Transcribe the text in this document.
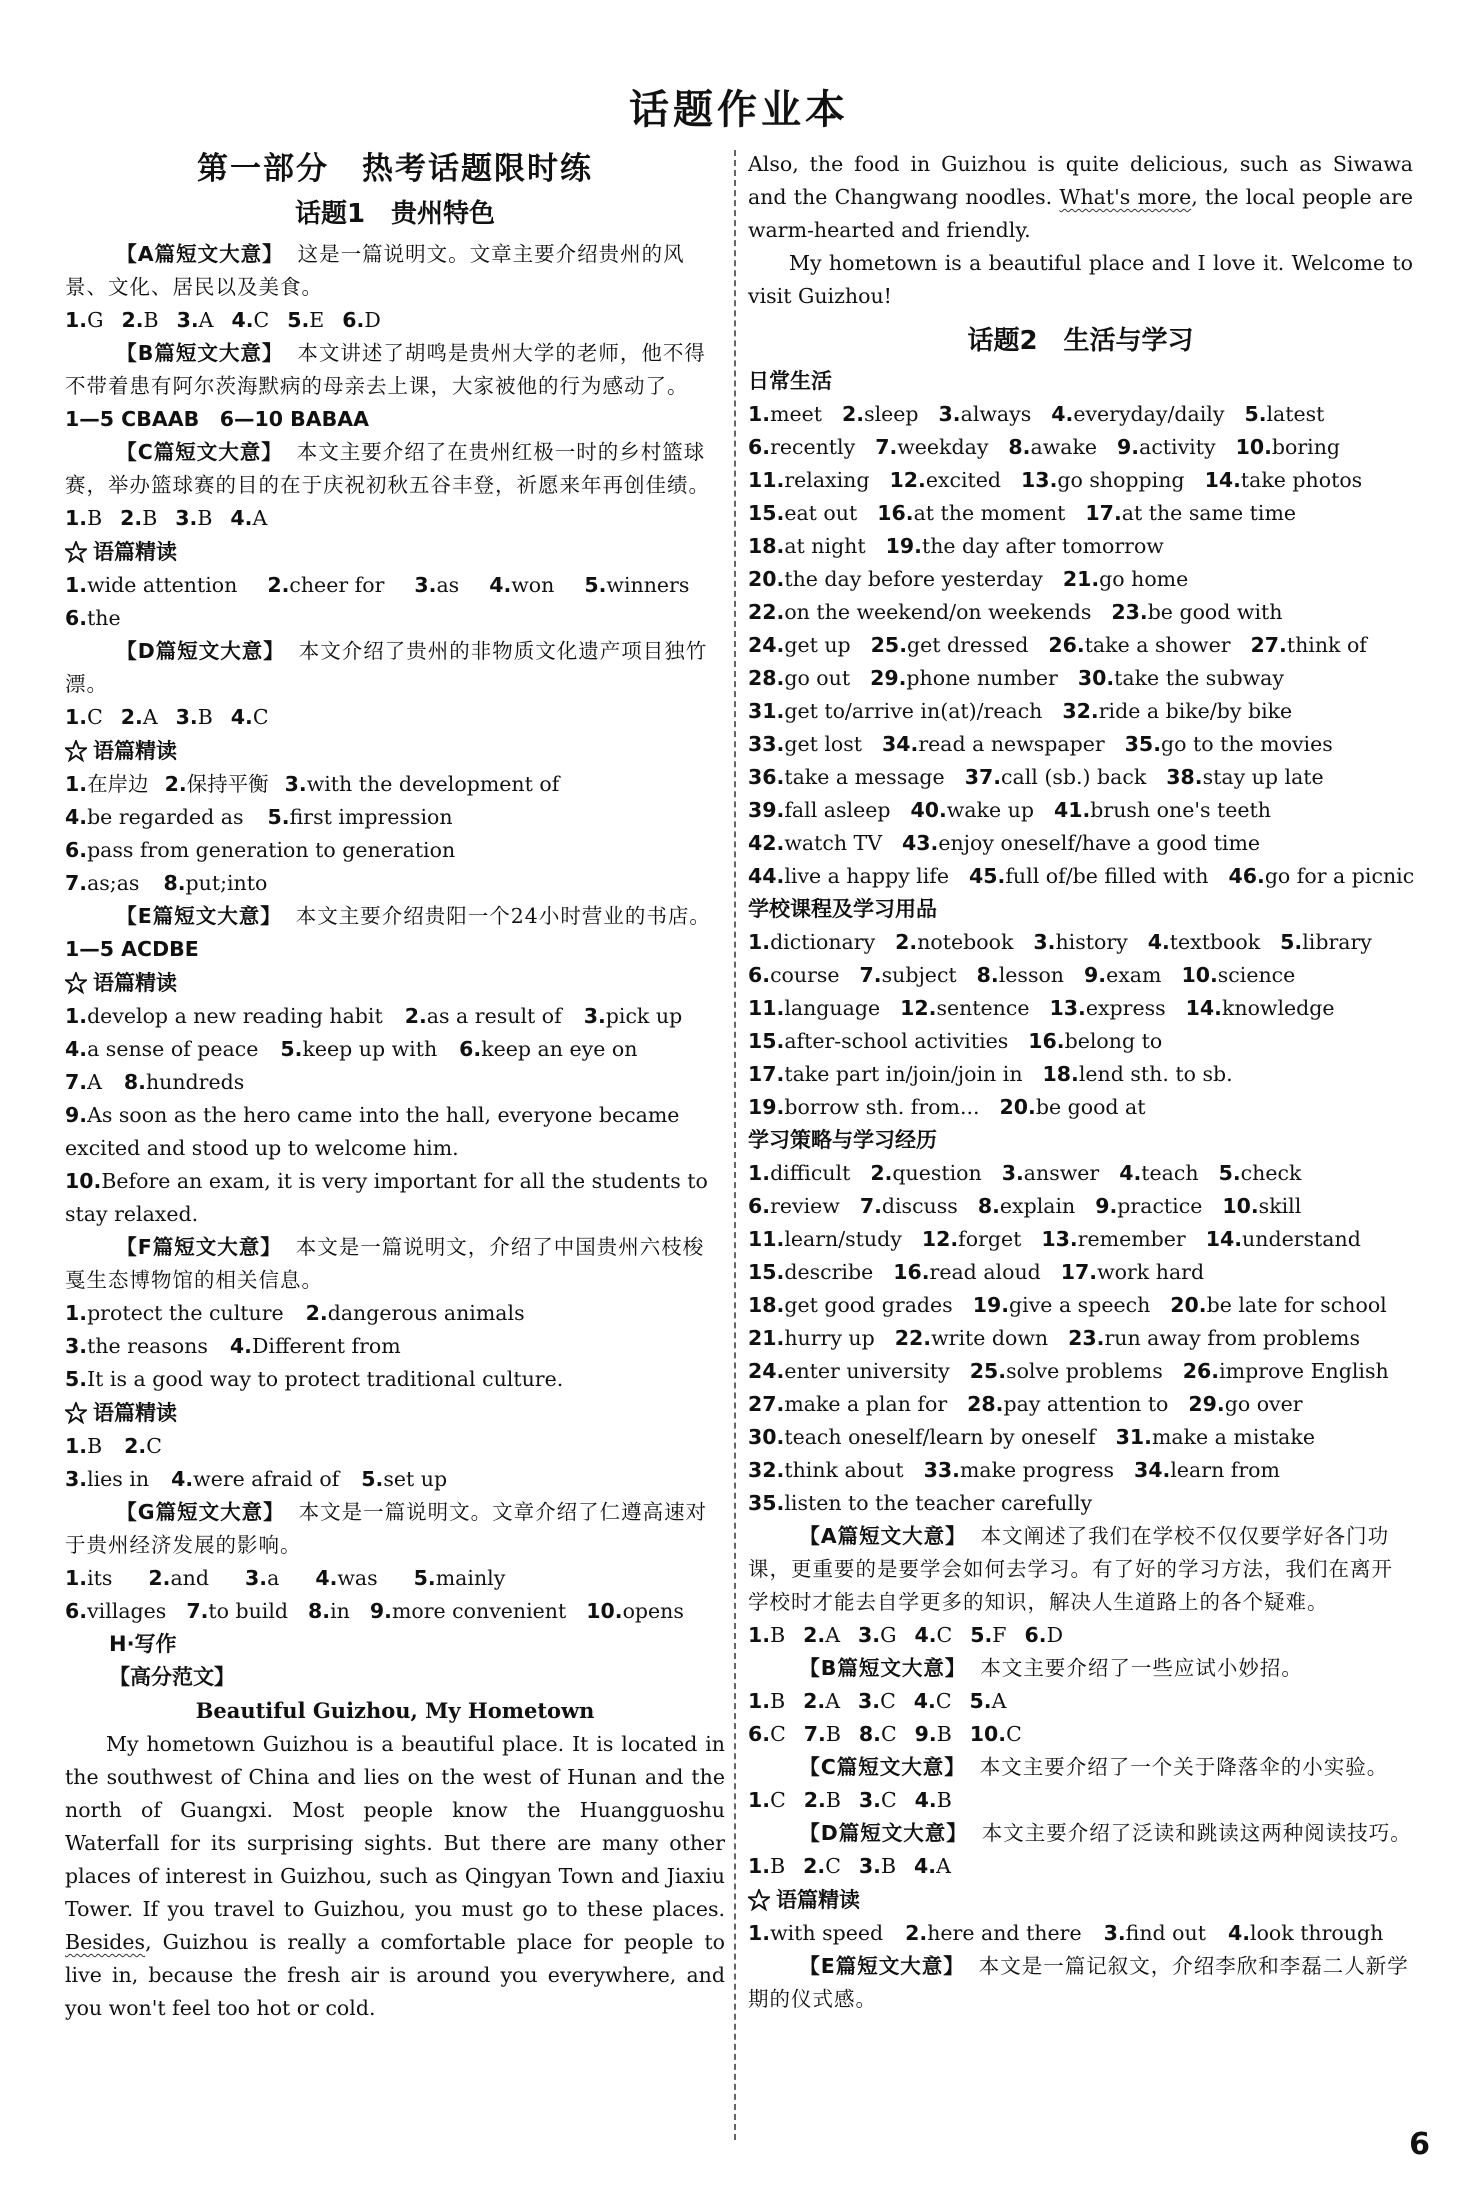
话题作业本
第一部分　热考话题限时练
话题1　贵州特色
【A篇短文大意】 这是一篇说明文。文章主要介绍贵州的风景、文化、居民以及美食。
1.G 2.B 3.A 4.C 5.E 6.D
【B篇短文大意】 本文讲述了胡鸣是贵州大学的老师，他不得不带着患有阿尔茨海默病的母亲去上课，大家被他的行为感动了。
1—5 CBAAB　6—10 BABAA
【C篇短文大意】 本文主要介绍了在贵州红极一时的乡村篮球赛，举办篮球赛的目的在于庆祝初秋五谷丰登，祈愿来年再创佳绩。
1.B 2.B 3.B 4.A
语篇精读
1.wide attention 2.cheer for 3.as 4.won 5.winners
6.the
【D篇短文大意】 本文介绍了贵州的非物质文化遗产项目独竹漂。
1.C 2.A 3.B 4.C
语篇精读
1.在岸边 2.保持平衡 3.with the development of
4.be regarded as 5.first impression
6.pass from generation to generation
7.as;as 8.put;into
【E篇短文大意】 本文主要介绍贵阳一个24小时营业的书店。
1—5 ACDBE
语篇精读
1.develop a new reading habit 2.as a result of 3.pick up
4.a sense of peace 5.keep up with 6.keep an eye on
7.A 8.hundreds
9.As soon as the hero came into the hall, everyone became excited and stood up to welcome him.
10.Before an exam, it is very important for all the students to stay relaxed.
【F篇短文大意】 本文是一篇说明文，介绍了中国贵州六枝梭戛生态博物馆的相关信息。
1.protect the culture 2.dangerous animals
3.the reasons 4.Different from
5.It is a good way to protect traditional culture.
语篇精读
1.B 2.C
3.lies in 4.were afraid of 5.set up
【G篇短文大意】 本文是一篇说明文。文章介绍了仁遵高速对于贵州经济发展的影响。
1.its 2.and 3.a 4.was 5.mainly
6.villages 7.to build 8.in 9.more convenient 10.opens
H·写作
【高分范文】
Beautiful Guizhou, My Hometown

My hometown Guizhou is a beautiful place. It is located in the southwest of China and lies on the west of Hunan and the north of Guangxi. Most people know the Huangguoshu Waterfall for its surprising sights. But there are many other places of interest in Guizhou, such as Qingyan Town and Jiaxiu Tower. If you travel to Guizhou, you must go to these places. Besides, Guizhou is really a comfortable place for people to live in, because the fresh air is around you everywhere, and you won't feel too hot or cold.

Also, the food in Guizhou is quite delicious, such as Siwawa and the Changwang noodles. What's more, the local people are warm-hearted and friendly.

My hometown is a beautiful place and I love it. Welcome to visit Guizhou!

话题2　生活与学习
日常生活
1.meet 2.sleep 3.always 4.everyday/daily 5.latest
6.recently 7.weekday 8.awake 9.activity 10.boring
11.relaxing 12.excited 13.go shopping 14.take photos
15.eat out 16.at the moment 17.at the same time
18.at night 19.the day after tomorrow
20.the day before yesterday 21.go home
22.on the weekend/on weekends 23.be good with
24.get up 25.get dressed 26.take a shower 27.think of
28.go out 29.phone number 30.take the subway
31.get to/arrive in(at)/reach 32.ride a bike/by bike
33.get lost 34.read a newspaper 35.go to the movies
36.take a message 37.call (sb.) back 38.stay up late
39.fall asleep 40.wake up 41.brush one's teeth
42.watch TV 43.enjoy oneself/have a good time
44.live a happy life 45.full of/be filled with 46.go for a picnic
学校课程及学习用品
1.dictionary 2.notebook 3.history 4.textbook 5.library
6.course 7.subject 8.lesson 9.exam 10.science
11.language 12.sentence 13.express 14.knowledge
15.after-school activities 16.belong to
17.take part in/join/join in 18.lend sth. to sb.
19.borrow sth. from... 20.be good at
学习策略与学习经历
1.difficult 2.question 3.answer 4.teach 5.check
6.review 7.discuss 8.explain 9.practice 10.skill
11.learn/study 12.forget 13.remember 14.understand
15.describe 16.read aloud 17.work hard
18.get good grades 19.give a speech 20.be late for school
21.hurry up 22.write down 23.run away from problems
24.enter university 25.solve problems 26.improve English
27.make a plan for 28.pay attention to 29.go over
30.teach oneself/learn by oneself 31.make a mistake
32.think about 33.make progress 34.learn from
35.listen to the teacher carefully
【A篇短文大意】 本文阐述了我们在学校不仅仅要学好各门功课，更重要的是要学会如何去学习。有了好的学习方法，我们在离开学校时才能去自学更多的知识，解决人生道路上的各个疑难。
1.B 2.A 3.G 4.C 5.F 6.D
【B篇短文大意】 本文主要介绍了一些应试小妙招。
1.B 2.A 3.C 4.C 5.A
6.C 7.B 8.C 9.B 10.C
【C篇短文大意】 本文主要介绍了一个关于降落伞的小实验。
1.C 2.B 3.C 4.B
【D篇短文大意】 本文主要介绍了泛读和跳读这两种阅读技巧。
1.B 2.C 3.B 4.A
语篇精读
1.with speed 2.here and there 3.find out 4.look through
【E篇短文大意】 本文是一篇记叙文，介绍李欣和李磊二人新学期的仪式感。
6
